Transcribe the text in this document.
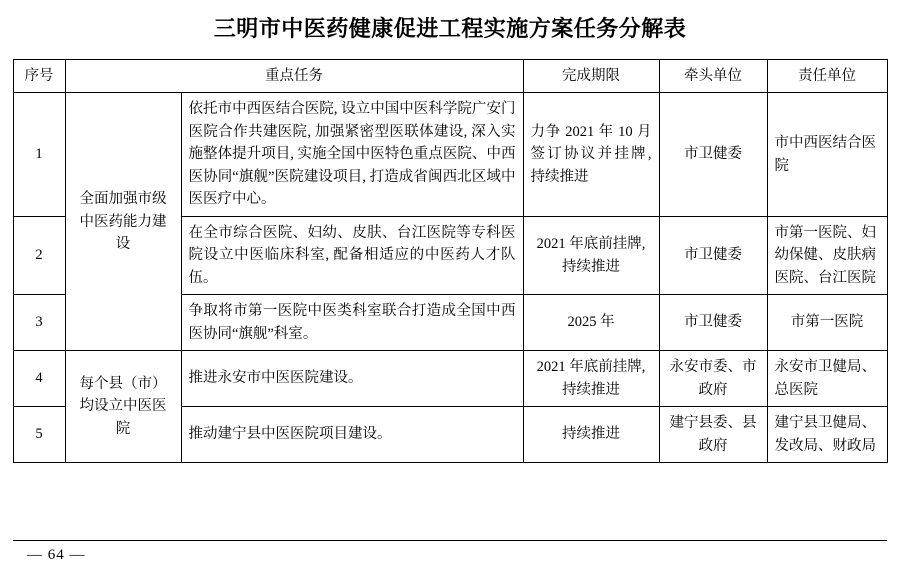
三明市中医药健康促进工程实施方案任务分解表
序号	重点任务		完成期限	牵头单位	责任单位
1	全面加强市级中医药能力建设	依托市中西医结合医院, 设立中国中医科学院广安门医院合作共建医院, 加强紧密型医联体建设, 深入实施整体提升项目, 实施全国中医特色重点医院、中西医协同“旗舰”医院建设项目, 打造成省闽西北区域中医医疗中心。	力争 2021 年 10 月签订协议并挂牌, 持续推进	市卫健委	市中西医结合医院
2		在全市综合医院、妇幼、皮肤、台江医院等专科医院设立中医临床科室, 配备相适应的中医药人才队伍。	2021 年底前挂牌, 持续推进	市卫健委	市第一医院、妇幼保健、皮肤病医院、台江医院
3		争取将市第一医院中医类科室联合打造成全国中西医协同“旗舰”科室。	2025 年	市卫健委	市第一医院
4	每个县（市）均设立中医医院	推进永安市中医医院建设。	2021 年底前挂牌, 持续推进	永安市委、市政府	永安市卫健局、总医院
5		推动建宁县中医医院项目建设。	持续推进	建宁县委、县政府	建宁县卫健局、发改局、财政局
— 64 —
